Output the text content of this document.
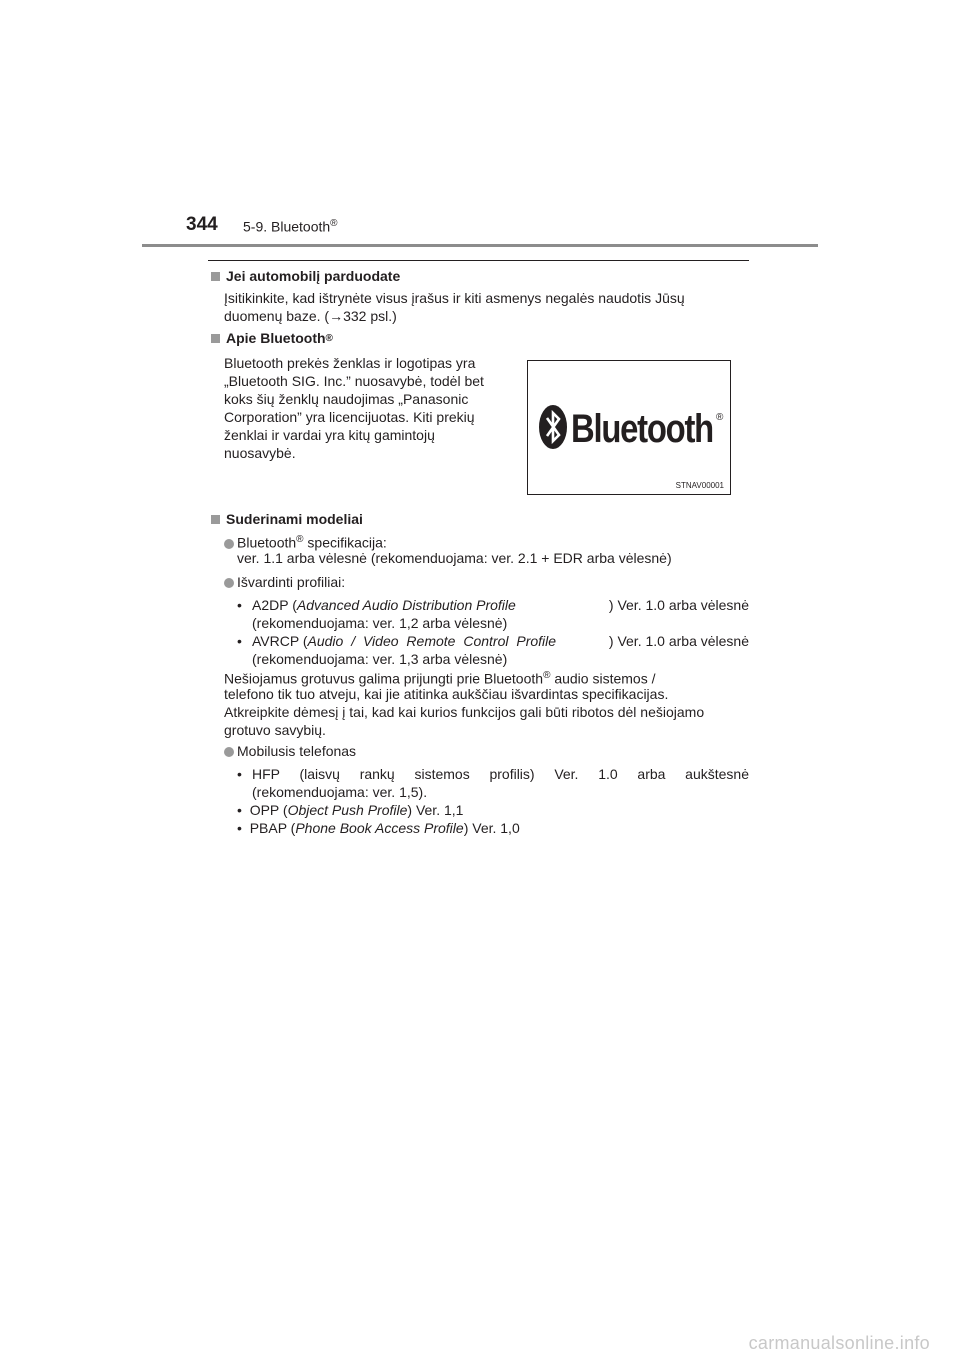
344 5-9. Bluetooth®
Jei automobilį parduodate
Įsitikinkite, kad ištrynėte visus įrašus ir kiti asmenys negalės naudotis Jūsų
duomenų baze. (→332 psl.)
Apie Bluetooth ®
Bluetooth prekės ženklas ir logotipas yra
„Bluetooth SIG. Inc.” nuosavybė, todėl bet
koks šių ženklų naudojimas „Panasonic
Corporation” yra licencijuotas. Kiti prekių
ženklai ir vardai yra kitų gamintojų
nuosavybė.
Bluetooth ®
STNAV00001
Suderinami modeliai
Bluetooth® specifikacija:
ver. 1.1 arba vėlesnė (rekomenduojama: ver. 2.1 + EDR arba vėlesnė)
Išvardinti profiliai:
• A2DP ( Advanced Audio Distribution Profile	) Ver. 1.0 arba vėlesnė
(rekomenduojama: ver. 1,2 arba vėlesnė)
• AVRCP ( Audio / Video Remote Control Profile	) Ver. 1.0 arba vėlesnė
(rekomenduojama: ver. 1,3 arba vėlesnė)
Nešiojamus grotuvus galima prijungti prie Bluetooth® audio sistemos /
telefono tik tuo atveju, kai jie atitinka aukščiau išvardintas specifikacijas.
Atkreipkite dėmesį į tai, kad kai kurios funkcijos gali būti ribotos dėl nešiojamo
grotuvo savybių.
Mobilusis telefonas
• HFP (laisvų rankų sistemos profilis) Ver. 1.0 arba aukštesnė
(rekomenduojama: ver. 1,5).
• OPP (Object Push Profile) Ver. 1,1
• PBAP (Phone Book Access Profile) Ver. 1,0
carmanualsonline.info
